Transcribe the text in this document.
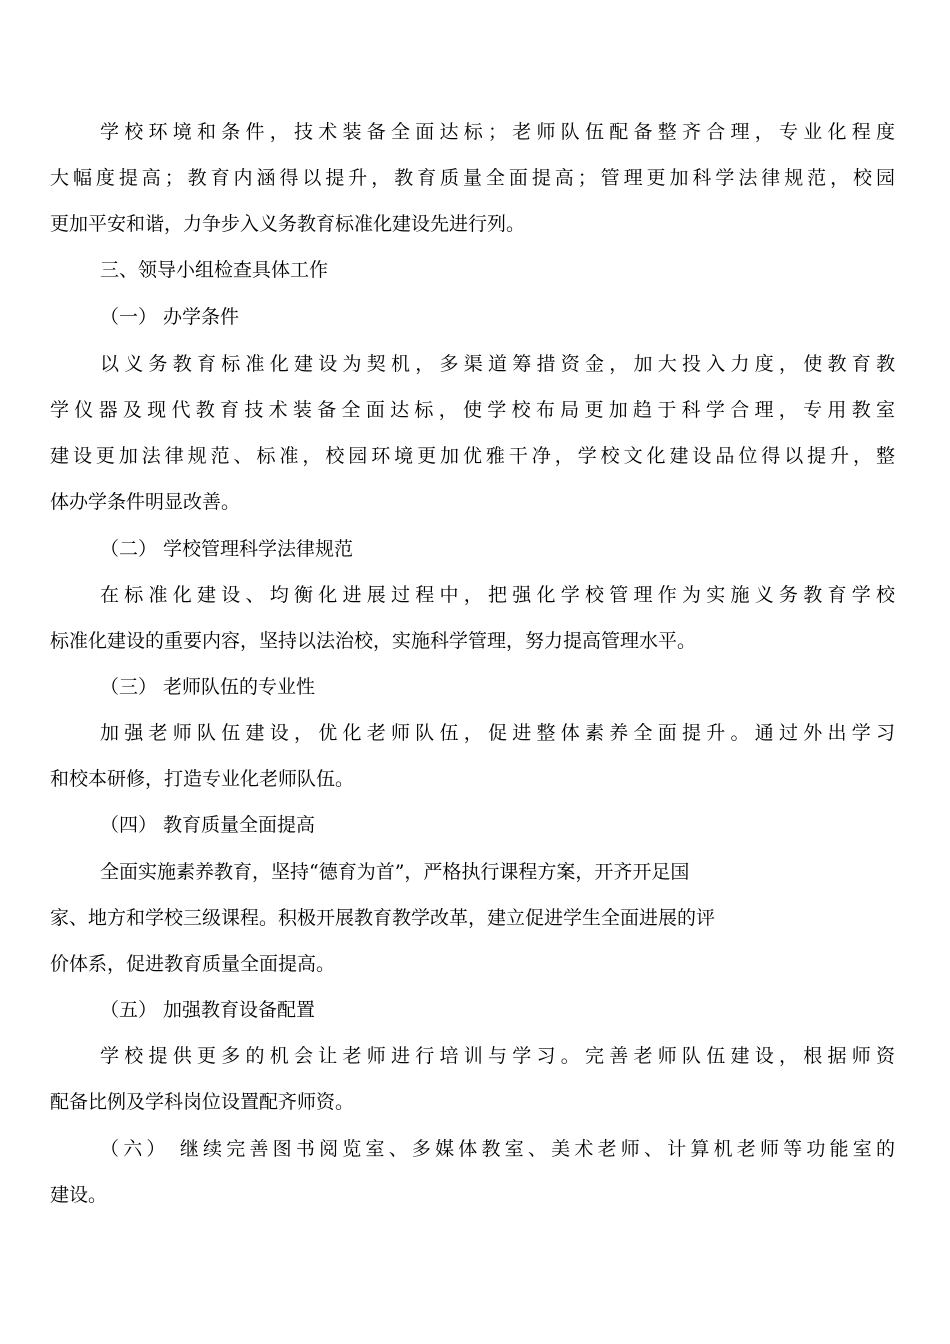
学校环境和条件，技术装备全面达标；老师队伍配备整齐合理，专业化程度
大幅度提高；教育内涵得以提升，教育质量全面提高；管理更加科学法律规范，校园
更加平安和谐，力争步入义务教育标准化建设先进行列。
三、领导小组检查具体工作
（一） 办学条件
以义务教育标准化建设为契机，多渠道筹措资金，加大投入力度，使教育教
学仪器及现代教育技术装备全面达标，使学校布局更加趋于科学合理，专用教室
建设更加法律规范、标准，校园环境更加优雅干净，学校文化建设品位得以提升，整
体办学条件明显改善。
（二） 学校管理科学法律规范
在标准化建设、均衡化进展过程中，把强化学校管理作为实施义务教育学校
标准化建设的重要内容，坚持以法治校，实施科学管理，努力提高管理水平。
（三） 老师队伍的专业性
加强老师队伍建设，优化老师队伍，促进整体素养全面提升。通过外出学习
和校本研修，打造专业化老师队伍。
（四） 教育质量全面提高
全面实施素养教育，坚持“德育为首”，严格执行课程方案，开齐开足国
家、地方和学校三级课程。积极开展教育教学改革，建立促进学生全面进展的评
价体系，促进教育质量全面提高。
（五） 加强教育设备配置
学校提供更多的机会让老师进行培训与学习。完善老师队伍建设，根据师资
配备比例及学科岗位设置配齐师资。
（六） 继续完善图书阅览室、多媒体教室、美术老师、计算机老师等功能室的
建设。
